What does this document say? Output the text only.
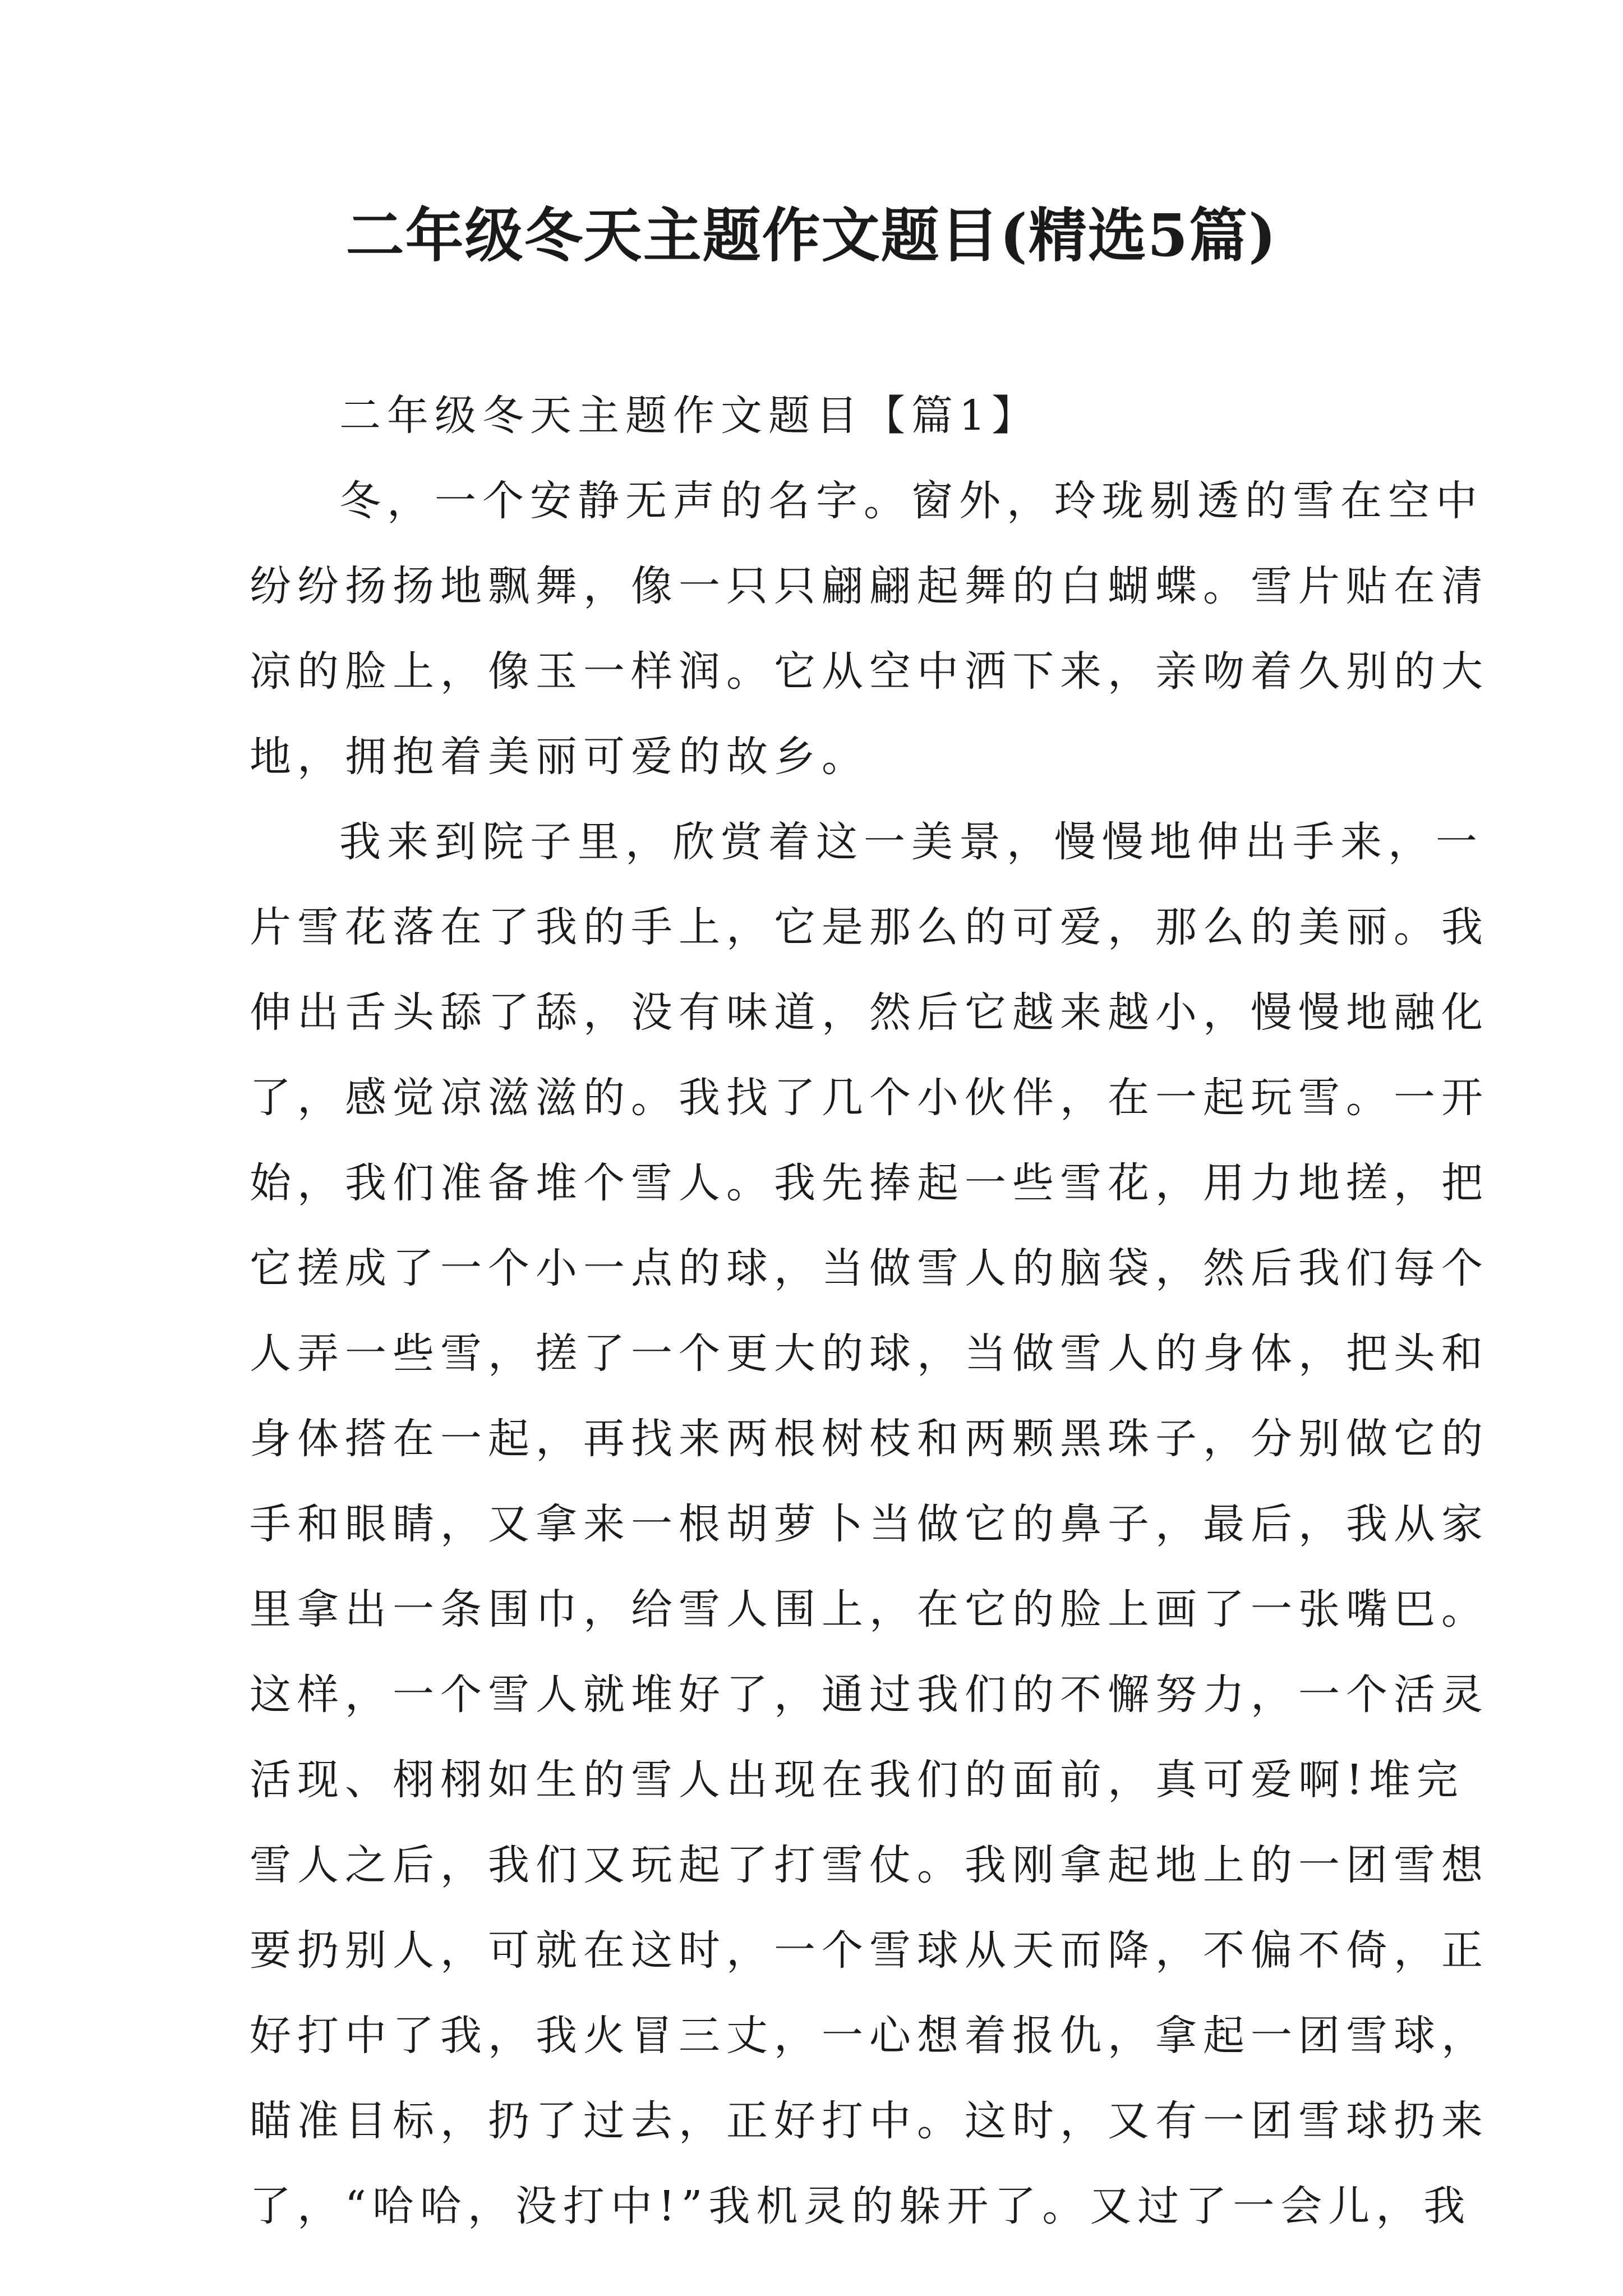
二年级冬天主题作文题目(精选5篇)
二年级冬天主题作文题目【篇1】
冬，一个安静无声的名字。窗外，玲珑剔透的雪在空中
纷纷扬扬地飘舞，像一只只翩翩起舞的白蝴蝶。雪片贴在清
凉的脸上，像玉一样润。它从空中洒下来，亲吻着久别的大
地，拥抱着美丽可爱的故乡。
我来到院子里，欣赏着这一美景，慢慢地伸出手来，一
片雪花落在了我的手上，它是那么的可爱，那么的美丽。我
伸出舌头舔了舔，没有味道，然后它越来越小，慢慢地融化
了，感觉凉滋滋的。我找了几个小伙伴，在一起玩雪。一开
始，我们准备堆个雪人。我先捧起一些雪花，用力地搓，把
它搓成了一个小一点的球，当做雪人的脑袋，然后我们每个
人弄一些雪，搓了一个更大的球，当做雪人的身体，把头和
身体搭在一起，再找来两根树枝和两颗黑珠子，分别做它的
手和眼睛，又拿来一根胡萝卜当做它的鼻子，最后，我从家
里拿出一条围巾，给雪人围上，在它的脸上画了一张嘴巴。
这样，一个雪人就堆好了，通过我们的不懈努力，一个活灵
活现、栩栩如生的雪人出现在我们的面前，真可爱啊!堆完
雪人之后，我们又玩起了打雪仗。我刚拿起地上的一团雪想
要扔别人，可就在这时，一个雪球从天而降，不偏不倚，正
好打中了我，我火冒三丈，一心想着报仇，拿起一团雪球，
瞄准目标，扔了过去，正好打中。这时，又有一团雪球扔来
了，“哈哈，没打中!”我机灵的躲开了。又过了一会儿，我
